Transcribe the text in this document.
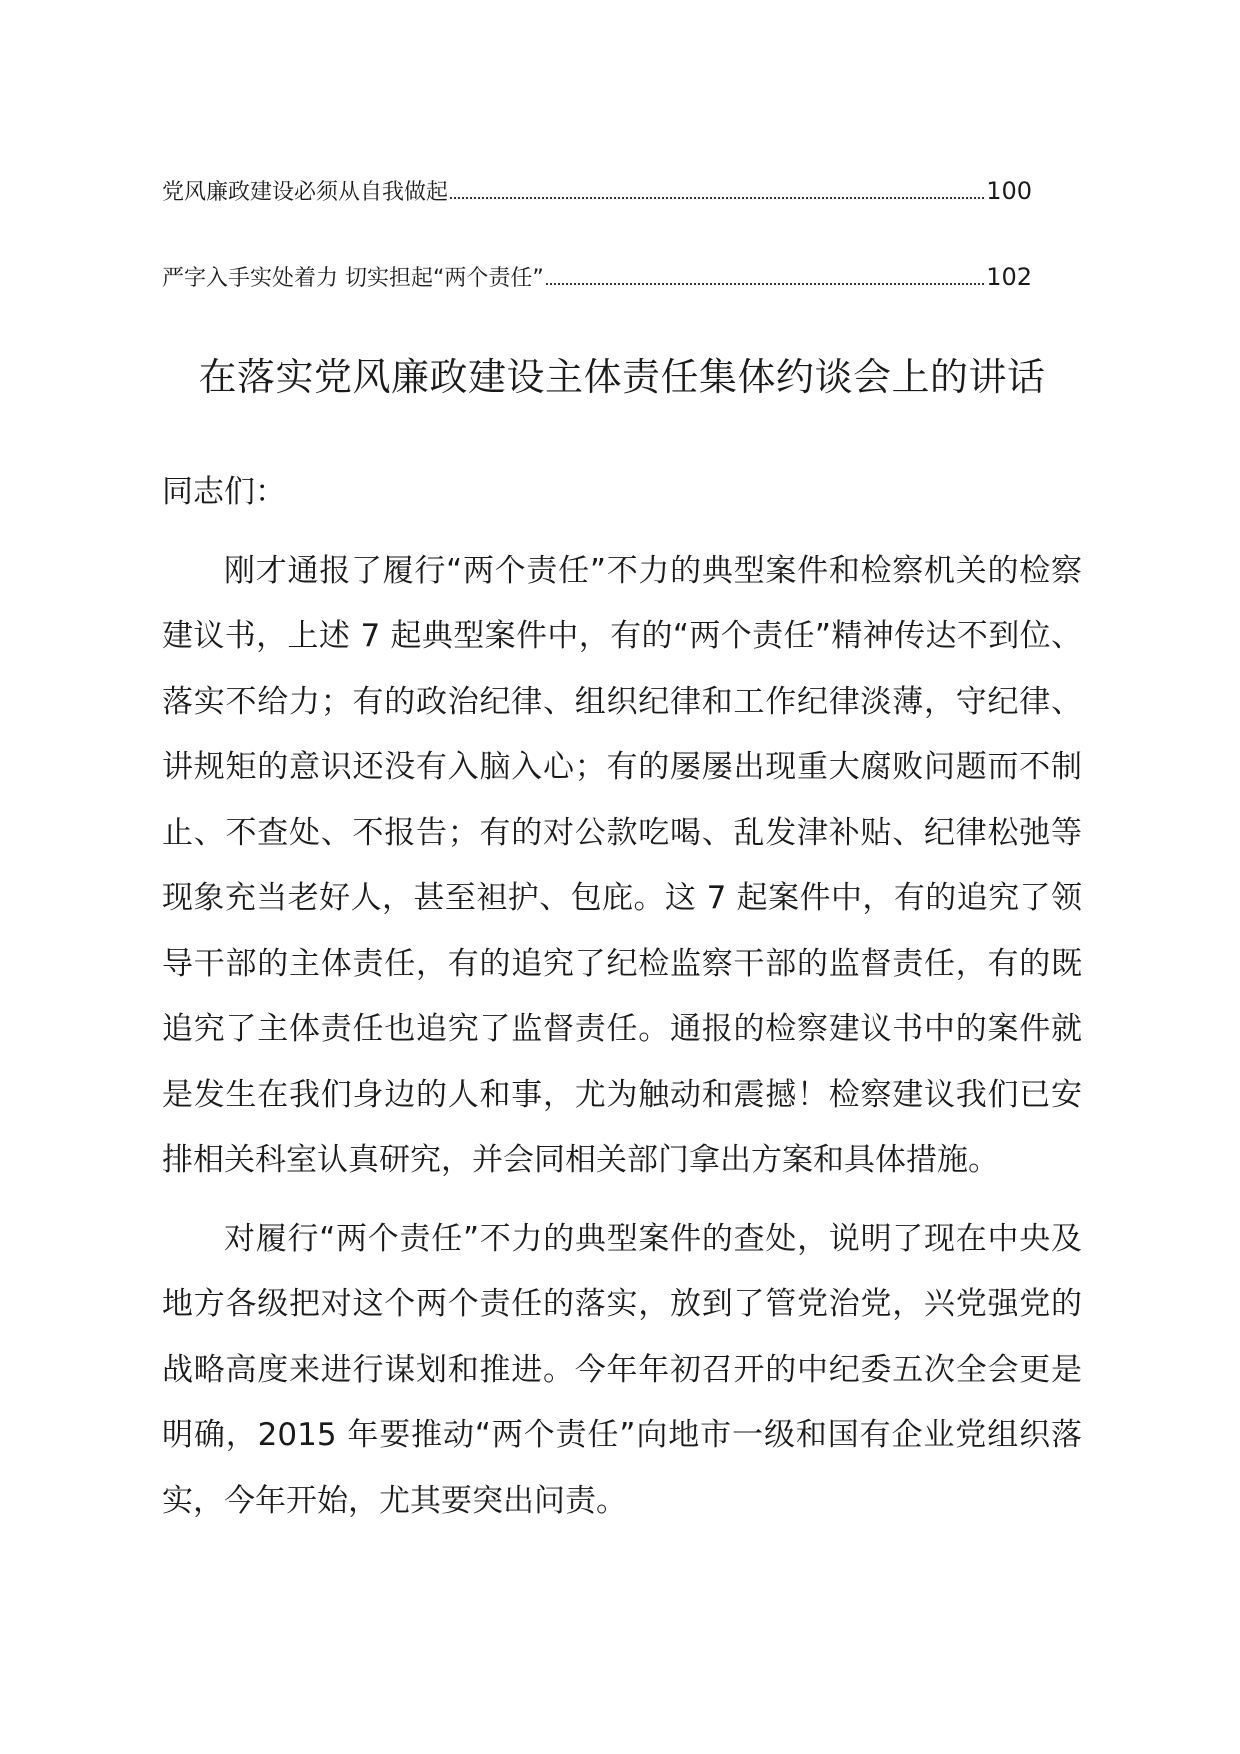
党风廉政建设必须从自我做起	100
严字入手实处着力 切实担起“两个责任”	102
在落实党风廉政建设主体责任集体约谈会上的讲话

同志们：

刚才通报了履行“两个责任”不力的典型案件和检察机关的检察建议书，上述 7 起典型案件中，有的“两个责任”精神传达不到位、落实不给力；有的政治纪律、组织纪律和工作纪律淡薄，守纪律、讲规矩的意识还没有入脑入心；有的屡屡出现重大腐败问题而不制止、不查处、不报告；有的对公款吃喝、乱发津补贴、纪律松弛等现象充当老好人，甚至袒护、包庇。这 7 起案件中，有的追究了领导干部的主体责任，有的追究了纪检监察干部的监督责任，有的既追究了主体责任也追究了监督责任。通报的检察建议书中的案件就是发生在我们身边的人和事，尤为触动和震撼！检察建议我们已安排相关科室认真研究，并会同相关部门拿出方案和具体措施。

对履行“两个责任”不力的典型案件的查处，说明了现在中央及地方各级把对这个两个责任的落实，放到了管党治党，兴党强党的战略高度来进行谋划和推进。今年年初召开的中纪委五次全会更是明确，2015 年要推动“两个责任”向地市一级和国有企业党组织落实，今年开始，尤其要突出问责。
